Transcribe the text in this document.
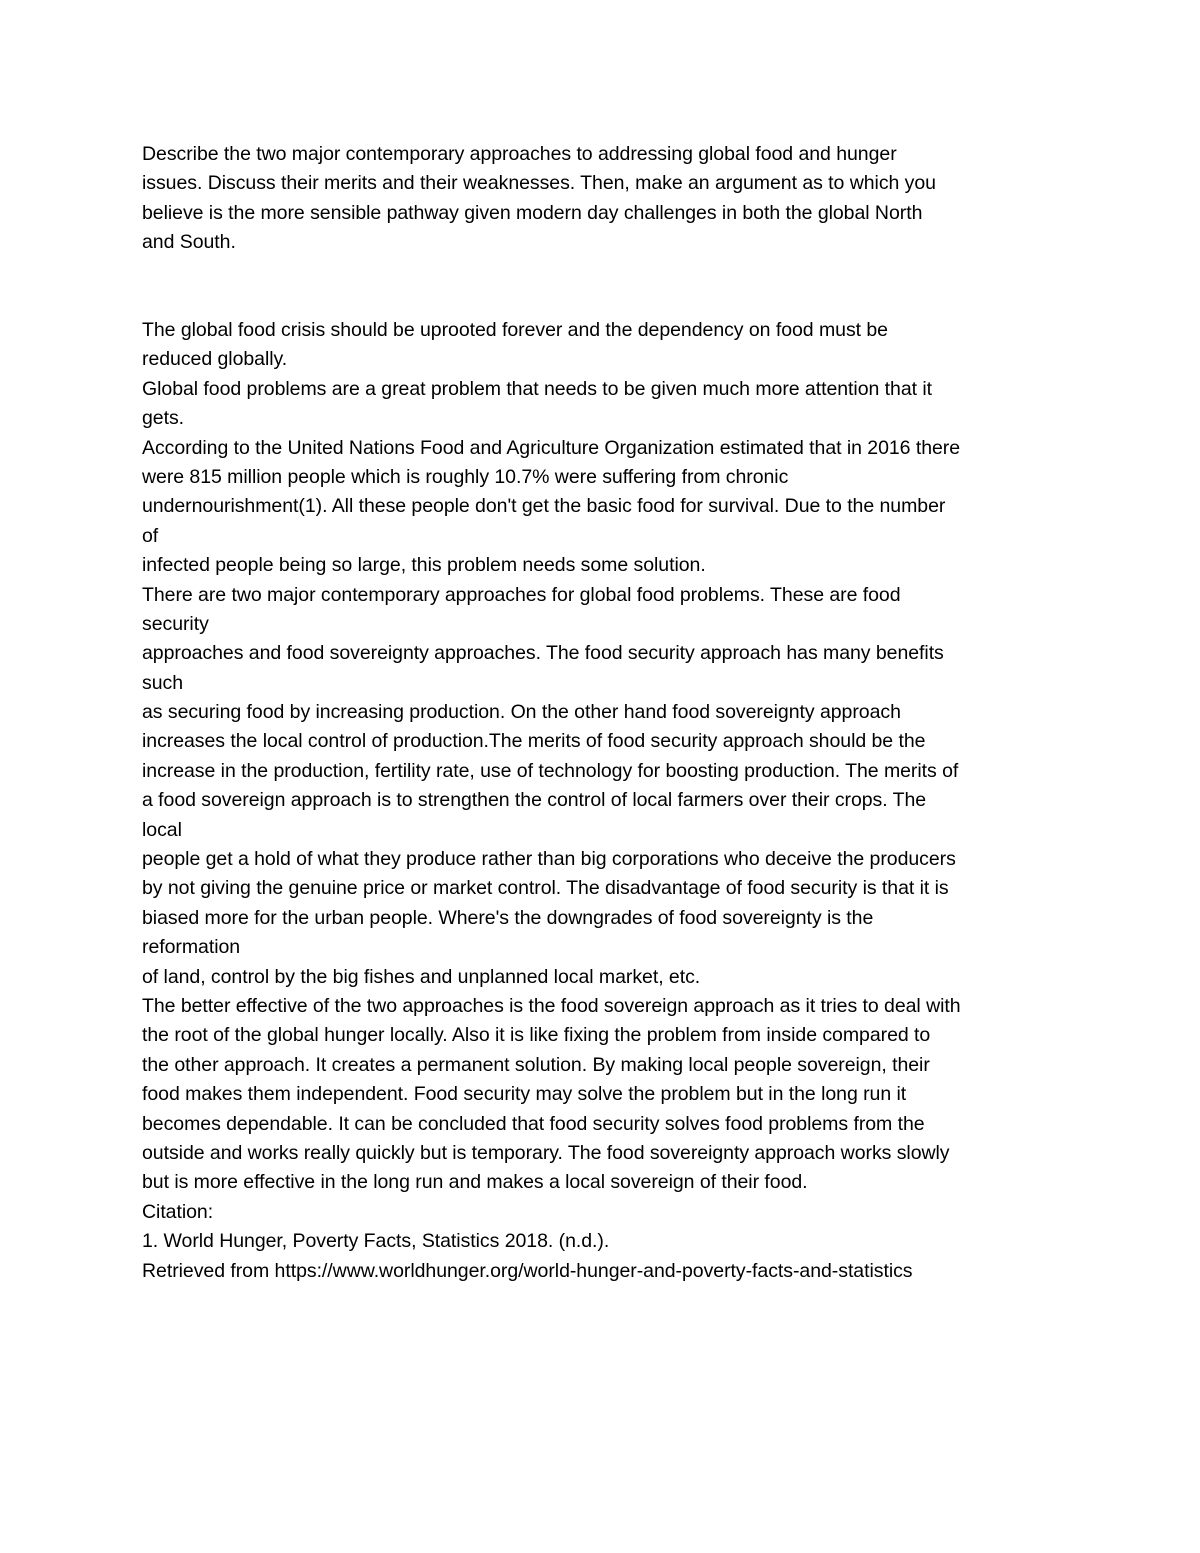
Describe the two major contemporary approaches to addressing global food and hunger
issues. Discuss their merits and their weaknesses. Then, make an argument as to which you
believe is the more sensible pathway given modern day challenges in both the global North
and South.
The global food crisis should be uprooted forever and the dependency on food must be
reduced globally.
Global food problems are a great problem that needs to be given much more attention that it
gets.
According to the United Nations Food and Agriculture Organization estimated that in 2016 there
were 815 million people which is roughly 10.7% were suffering from chronic
undernourishment(1). All these people don't get the basic food for survival. Due to the number
of
infected people being so large, this problem needs some solution.
There are two major contemporary approaches for global food problems. These are food
security
approaches and food sovereignty approaches. The food security approach has many benefits
such
as securing food by increasing production. On the other hand food sovereignty approach
increases the local control of production.The merits of food security approach should be the
increase in the production, fertility rate, use of technology for boosting production. The merits of
a food sovereign approach is to strengthen the control of local farmers over their crops. The
local
people get a hold of what they produce rather than big corporations who deceive the producers
by not giving the genuine price or market control. The disadvantage of food security is that it is
biased more for the urban people. Where's the downgrades of food sovereignty is the
reformation
of land, control by the big fishes and unplanned local market, etc.
The better effective of the two approaches is the food sovereign approach as it tries to deal with
the root of the global hunger locally. Also it is like fixing the problem from inside compared to
the other approach. It creates a permanent solution. By making local people sovereign, their
food makes them independent. Food security may solve the problem but in the long run it
becomes dependable. It can be concluded that food security solves food problems from the
outside and works really quickly but is temporary. The food sovereignty approach works slowly
but is more effective in the long run and makes a local sovereign of their food.
Citation:
1. World Hunger, Poverty Facts, Statistics 2018. (n.d.).
Retrieved from https://www.worldhunger.org/world-hunger-and-poverty-facts-and-statistics
